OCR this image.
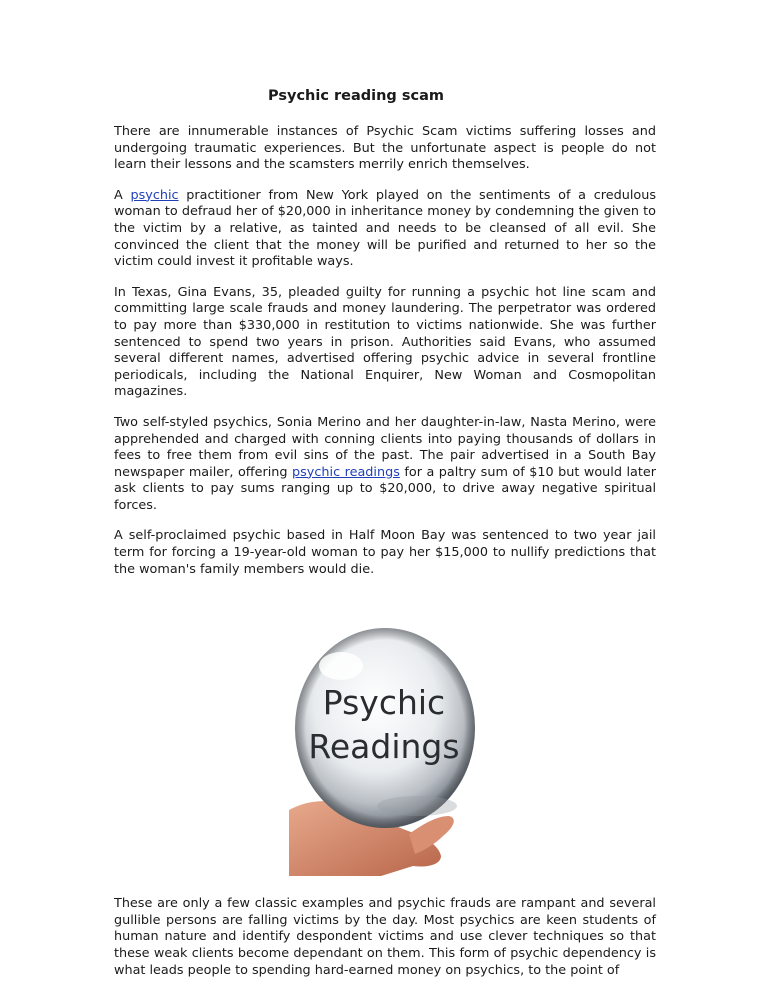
Psychic reading scam

There are innumerable instances of Psychic Scam victims suffering losses and undergoing traumatic experiences. But the unfortunate aspect is people do not learn their lessons and the scamsters merrily enrich themselves.

A psychic practitioner from New York played on the sentiments of a credulous woman to defraud her of $20,000 in inheritance money by condemning the given to the victim by a relative, as tainted and needs to be cleansed of all evil. She convinced the client that the money will be purified and returned to her so the victim could invest it profitable ways.

In Texas, Gina Evans, 35, pleaded guilty for running a psychic hot line scam and committing large scale frauds and money laundering. The perpetrator was ordered to pay more than $330,000 in restitution to victims nationwide. She was further sentenced to spend two years in prison. Authorities said Evans, who assumed several different names, advertised offering psychic advice in several frontline periodicals, including the National Enquirer, New Woman and Cosmopolitan magazines.

Two self-styled psychics, Sonia Merino and her daughter-in-law, Nasta Merino, were apprehended and charged with conning clients into paying thousands of dollars in fees to free them from evil sins of the past. The pair advertised in a South Bay newspaper mailer, offering psychic readings for a paltry sum of $10 but would later ask clients to pay sums ranging up to $20,000, to drive away negative spiritual forces.

A self-proclaimed psychic based in Half Moon Bay was sentenced to two year jail term for forcing a 19-year-old woman to pay her $15,000 to nullify predictions that the woman's family members would die.

Psychic
Readings

These are only a few classic examples and psychic frauds are rampant and several gullible persons are falling victims by the day. Most psychics are keen students of human nature and identify despondent victims and use clever techniques so that these weak clients become dependant on them. This form of psychic dependency is what leads people to spending hard-earned money on psychics, to the point of
